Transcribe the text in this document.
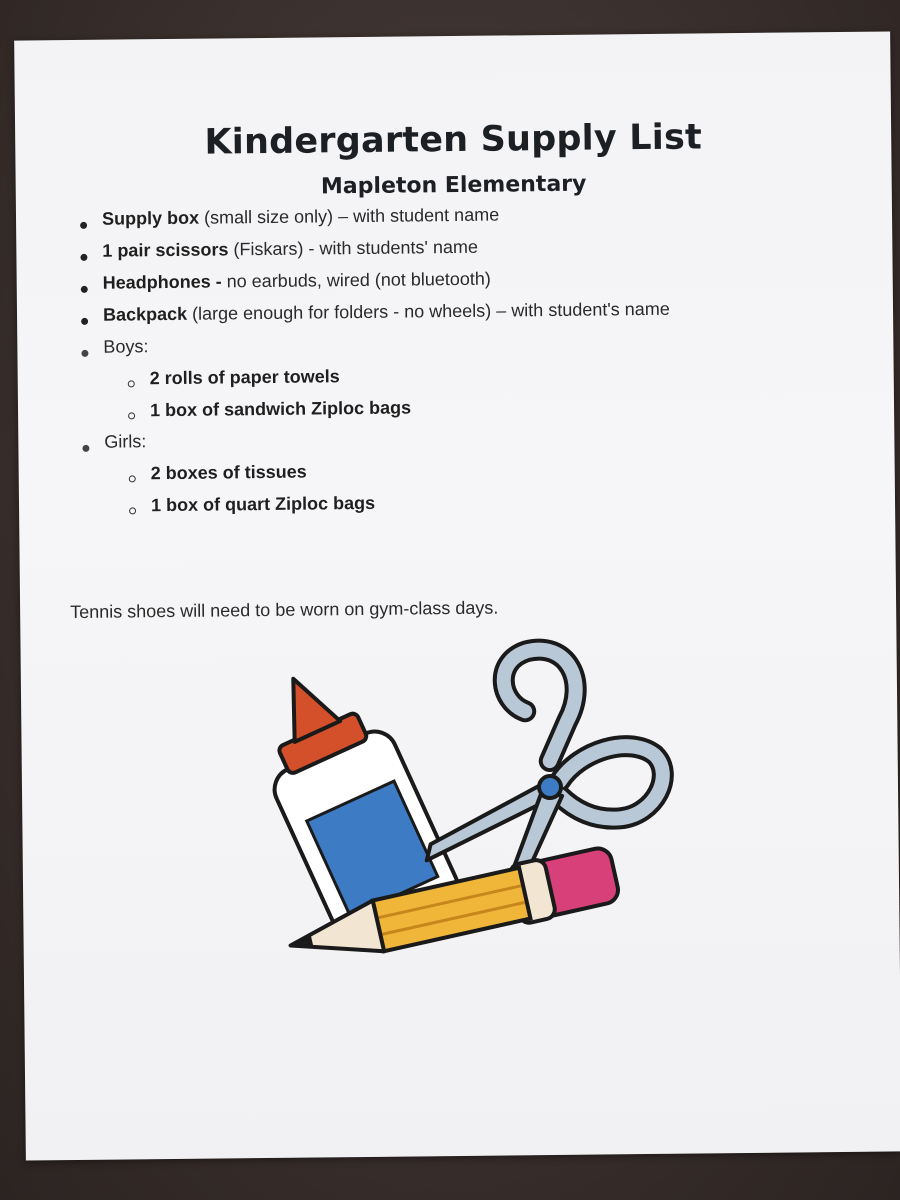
Kindergarten Supply List
Mapleton Elementary
Supply box (small size only) – with student name
1 pair scissors (Fiskars) - with students' name
Headphones - no earbuds, wired (not bluetooth)
Backpack (large enough for folders - no wheels) – with student's name
Boys:
2 rolls of paper towels
1 box of sandwich Ziploc bags
Girls:
2 boxes of tissues
1 box of quart Ziploc bags
Tennis shoes will need to be worn on gym-class days.
